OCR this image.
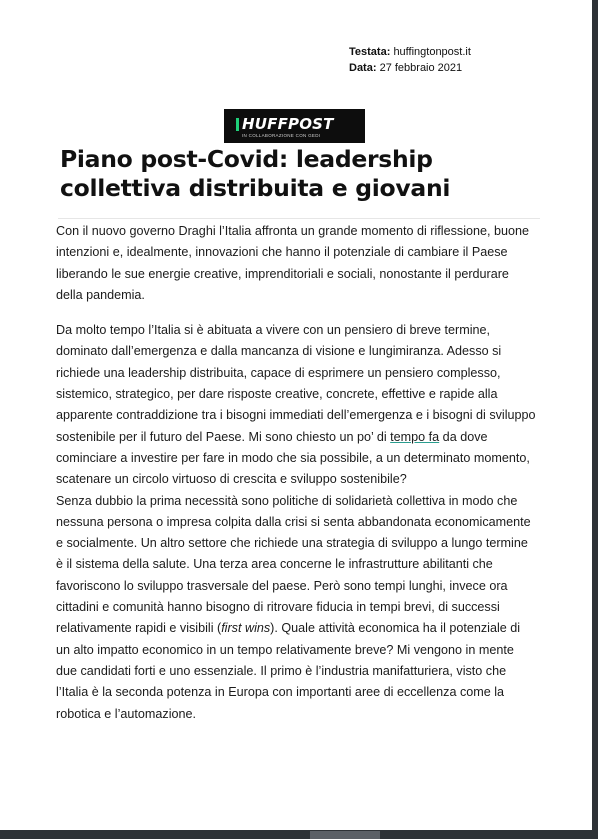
Testata: huffingtonpost.it
Data: 27 febbraio 2021
HUFFPOST
IN COLLABORAZIONE CON GEDI
Piano post-Covid: leadership collettiva distribuita e giovani

Con il nuovo governo Draghi l’Italia affronta un grande momento di riflessione, buone intenzioni e, idealmente, innovazioni che hanno il potenziale di cambiare il Paese liberando le sue energie creative, imprenditoriali e sociali, nonostante il perdurare della pandemia.

Da molto tempo l’Italia si è abituata a vivere con un pensiero di breve termine, dominato dall’emergenza e dalla mancanza di visione e lungimiranza. Adesso si richiede una leadership distribuita, capace di esprimere un pensiero complesso, sistemico, strategico, per dare risposte creative, concrete, effettive e rapide alla apparente contraddizione tra i bisogni immediati dell’emergenza e i bisogni di sviluppo sostenibile per il futuro del Paese. Mi sono chiesto un po’ di tempo fa da dove cominciare a investire per fare in modo che sia possibile, a un determinato momento, scatenare un circolo virtuoso di crescita e sviluppo sostenibile?

Senza dubbio la prima necessità sono politiche di solidarietà collettiva in modo che nessuna persona o impresa colpita dalla crisi si senta abbandonata economicamente e socialmente. Un altro settore che richiede una strategia di sviluppo a lungo termine è il sistema della salute. Una terza area concerne le infrastrutture abilitanti che favoriscono lo sviluppo trasversale del paese. Però sono tempi lunghi, invece ora cittadini e comunità hanno bisogno di ritrovare fiducia in tempi brevi, di successi relativamente rapidi e visibili (first wins). Quale attività economica ha il potenziale di un alto impatto economico in un tempo relativamente breve? Mi vengono in mente due candidati forti e uno essenziale. Il primo è l’industria manifatturiera, visto che l’Italia è la seconda potenza in Europa con importanti aree di eccellenza come la robotica e l’automazione.
